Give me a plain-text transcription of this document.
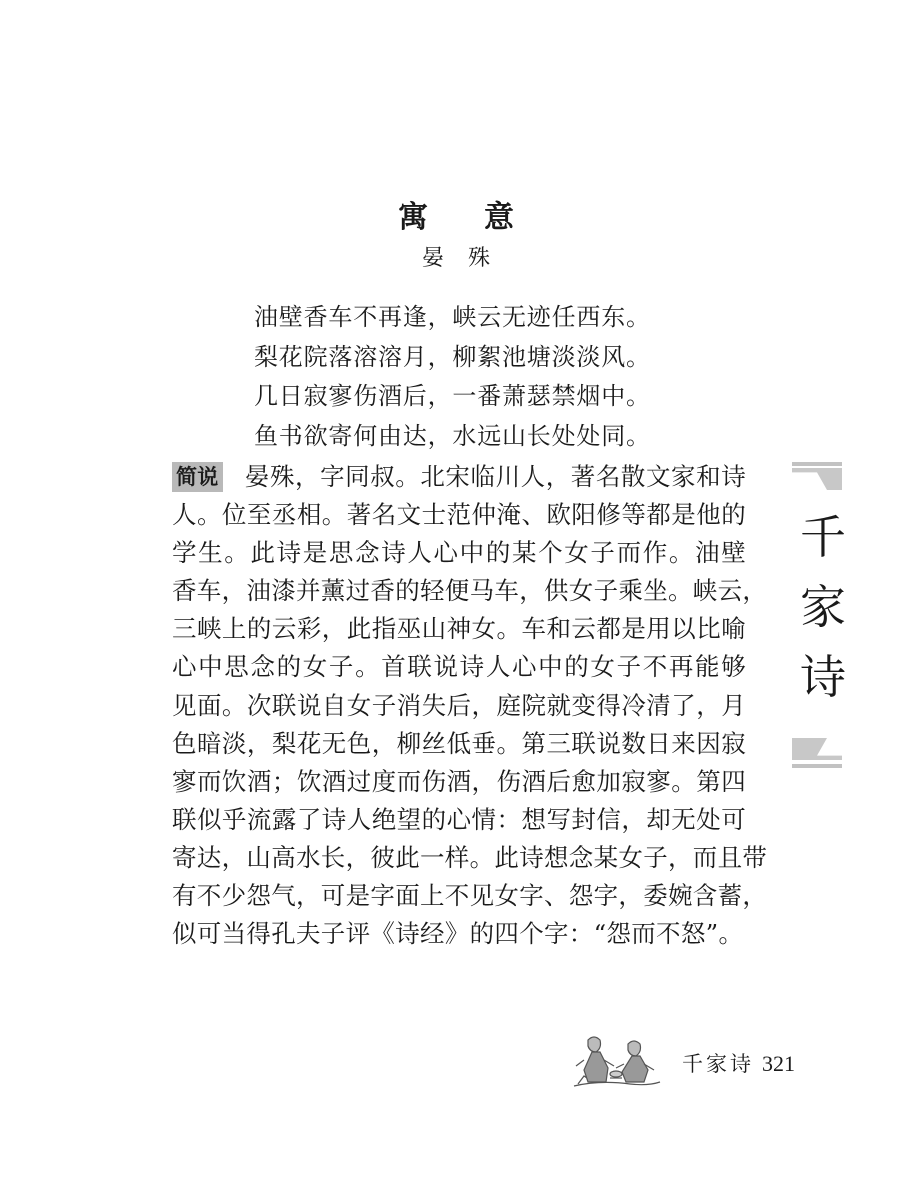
寓意
晏殊
油壁香车不再逢，峡云无迹任西东。
梨花院落溶溶月，柳絮池塘淡淡风。
几日寂寥伤酒后，一番萧瑟禁烟中。
鱼书欲寄何由达，水远山长处处同。
简说 晏殊，字同叔。北宋临川人，著名散文家和诗
人。位至丞相。著名文士范仲淹、欧阳修等都是他的
学生。此诗是思念诗人心中的某个女子而作。油壁
香车，油漆并薰过香的轻便马车，供女子乘坐。峡云，
三峡上的云彩，此指巫山神女。车和云都是用以比喻
心中思念的女子。首联说诗人心中的女子不再能够
见面。次联说自女子消失后，庭院就变得冷清了，月
色暗淡，梨花无色，柳丝低垂。第三联说数日来因寂
寥而饮酒；饮酒过度而伤酒，伤酒后愈加寂寥。第四
联似乎流露了诗人绝望的心情：想写封信，却无处可
寄达，山高水长，彼此一样。此诗想念某女子，而且带
有不少怨气，可是字面上不见女字、怨字，委婉含蓄，
似可当得孔夫子评《诗经》的四个字：“怨而不怒”。
千
家
诗
千家诗 321
